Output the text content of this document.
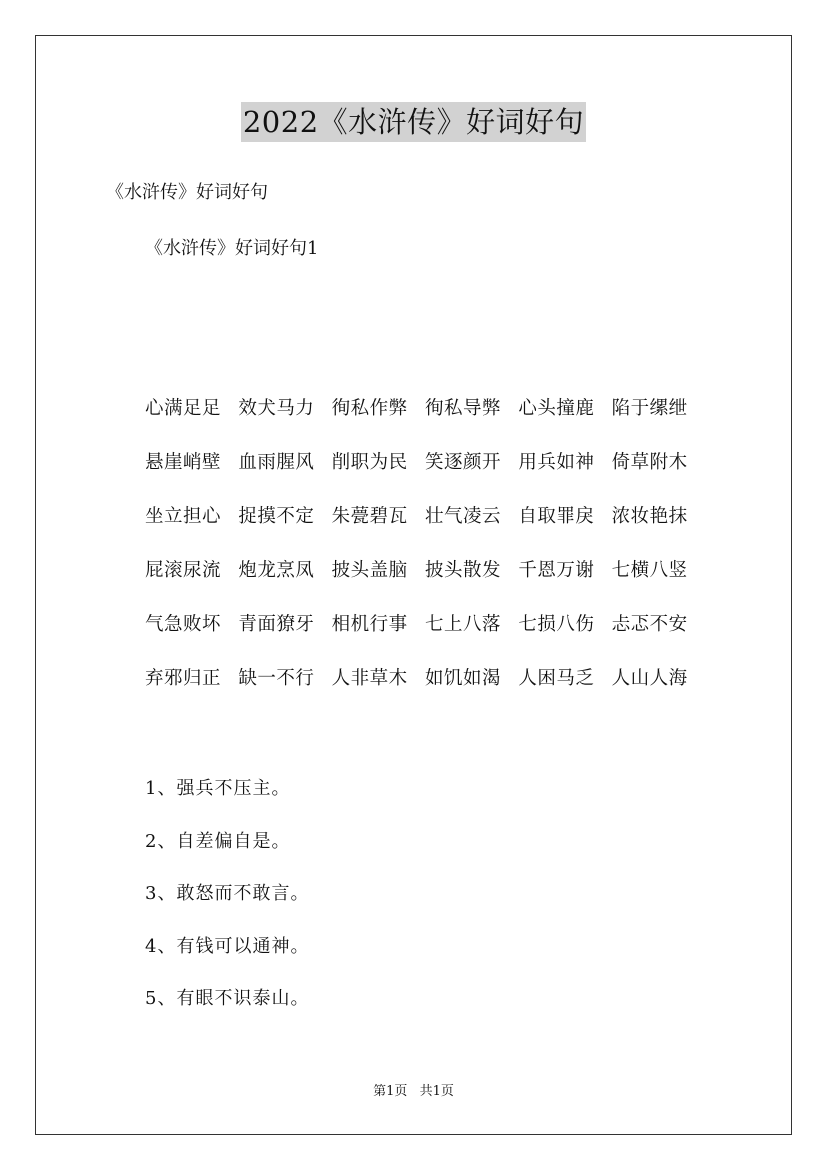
2022《水浒传》好词好句
《水浒传》好词好句
《水浒传》好词好句1
心满足足 效犬马力 徇私作弊 徇私导弊 心头撞鹿 陷于缧绁
悬崖峭壁 血雨腥风 削职为民 笑逐颜开 用兵如神 倚草附木
坐立担心 捉摸不定 朱甍碧瓦 壮气凌云 自取罪戾 浓妆艳抹
屁滚尿流 炮龙烹凤 披头盖脑 披头散发 千恩万谢 七横八竖
气急败坏 青面獠牙 相机行事 七上八落 七损八伤 忐忑不安
弃邪归正 缺一不行 人非草木 如饥如渴 人困马乏 人山人海
1、强兵不压主。
2、自差偏自是。
3、敢怒而不敢言。
4、有钱可以通神。
5、有眼不识泰山。
第1页 共1页
